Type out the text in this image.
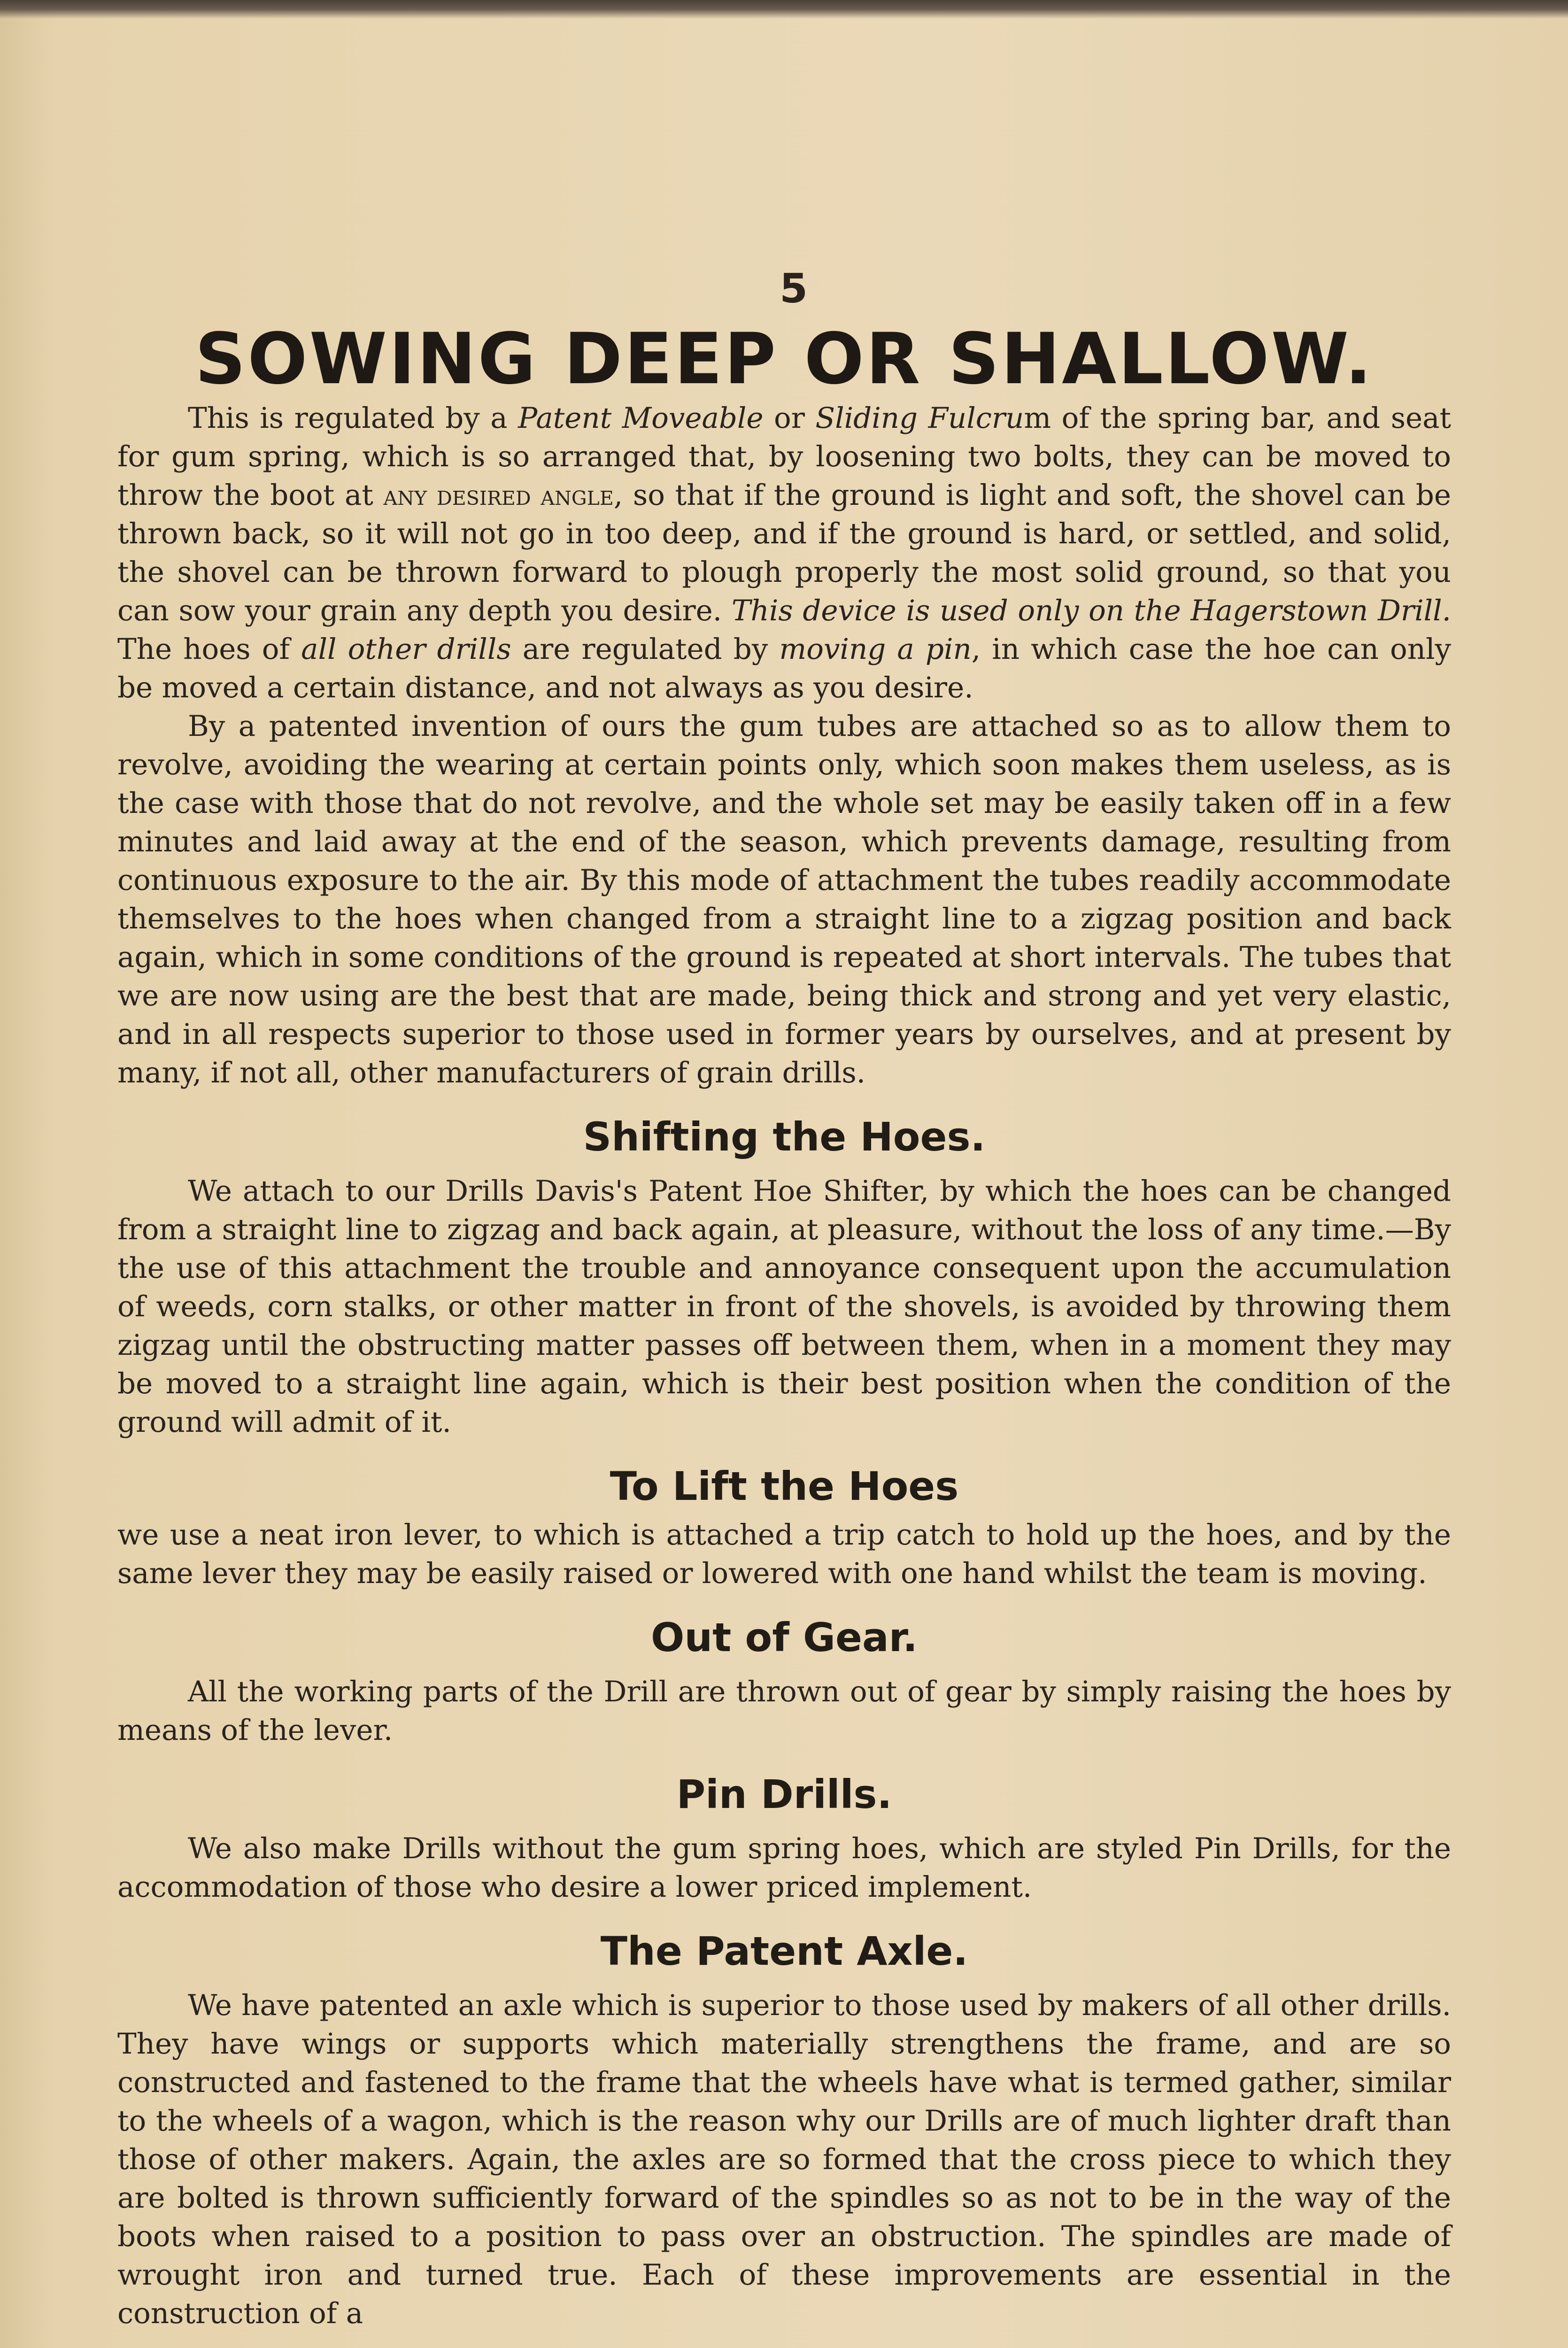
5
SOWING DEEP OR SHALLOW.

This is regulated by a Patent Moveable or Sliding Fulcrum of the spring bar, and seat for gum spring, which is so arranged that, by loosening two bolts, they can be moved to throw the boot at any desired angle, so that if the ground is light and soft, the shovel can be thrown back, so it will not go in too deep, and if the ground is hard, or settled, and solid, the shovel can be thrown forward to plough properly the most solid ground, so that you can sow your grain any depth you desire. This device is used only on the Hagerstown Drill. The hoes of all other drills are regulated by moving a pin, in which case the hoe can only be moved a certain distance, and not always as you desire.

By a patented invention of ours the gum tubes are attached so as to allow them to revolve, avoiding the wearing at certain points only, which soon makes them useless, as is the case with those that do not revolve, and the whole set may be easily taken off in a few minutes and laid away at the end of the season, which prevents damage, resulting from continuous exposure to the air. By this mode of attachment the tubes readily accommodate themselves to the hoes when changed from a straight line to a zigzag position and back again, which in some conditions of the ground is repeated at short intervals. The tubes that we are now using are the best that are made, being thick and strong and yet very elastic, and in all respects superior to those used in former years by ourselves, and at present by many, if not all, other manufacturers of grain drills.

Shifting the Hoes.

We attach to our Drills Davis's Patent Hoe Shifter, by which the hoes can be changed from a straight line to zigzag and back again, at pleasure, without the loss of any time.—By the use of this attachment the trouble and annoyance consequent upon the accumulation of weeds, corn stalks, or other matter in front of the shovels, is avoided by throwing them zigzag until the obstructing matter passes off between them, when in a moment they may be moved to a straight line again, which is their best position when the condition of the ground will admit of it.

To Lift the Hoes

we use a neat iron lever, to which is attached a trip catch to hold up the hoes, and by the same lever they may be easily raised or lowered with one hand whilst the team is moving.

Out of Gear.

All the working parts of the Drill are thrown out of gear by simply raising the hoes by means of the lever.

Pin Drills.

We also make Drills without the gum spring hoes, which are styled Pin Drills, for the accommodation of those who desire a lower priced implement.

The Patent Axle.

We have patented an axle which is superior to those used by makers of all other drills. They have wings or supports which materially strengthens the frame, and are so constructed and fastened to the frame that the wheels have what is termed gather, similar to the wheels of a wagon, which is the reason why our Drills are of much lighter draft than those of other makers. Again, the axles are so formed that the cross piece to which they are bolted is thrown sufficiently forward of the spindles so as not to be in the way of the boots when raised to a position to pass over an obstruction. The spindles are made of wrought iron and turned true. Each of these improvements are essential in the construction of a
